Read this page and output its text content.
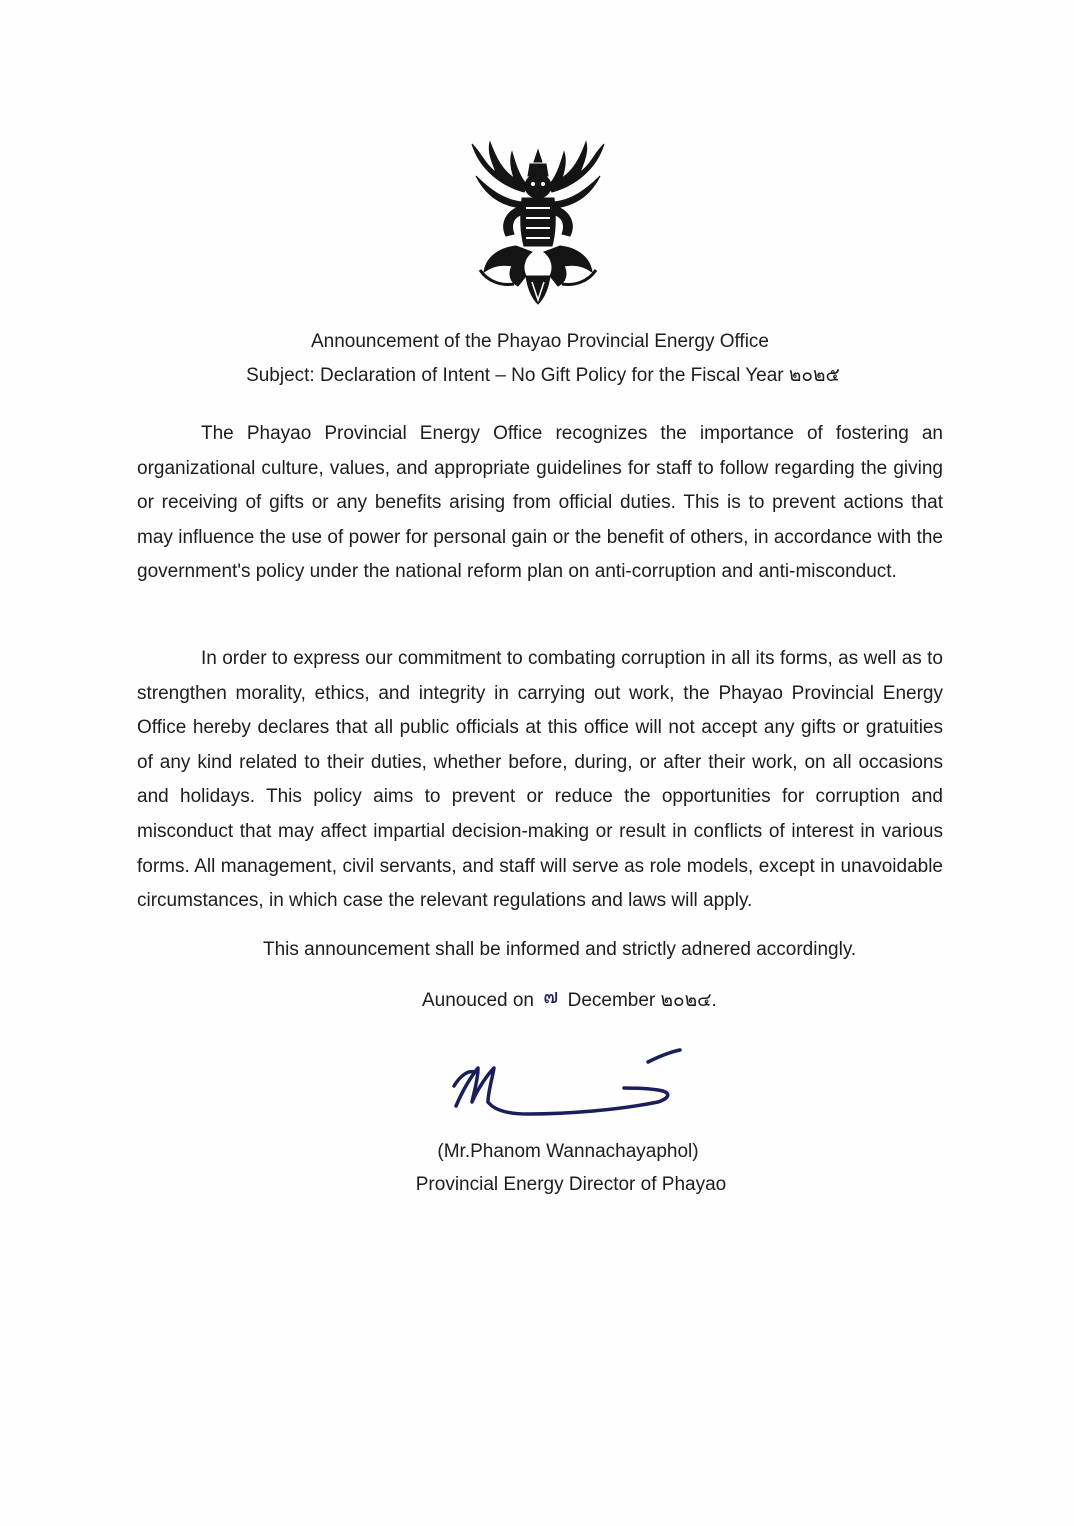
Announcement of the Phayao Provincial Energy Office
Subject: Declaration of Intent – No Gift Policy for the Fiscal Year ๒๐๒๕

The Phayao Provincial Energy Office recognizes the importance of fostering an organizational culture, values, and appropriate guidelines for staff to follow regarding the giving or receiving of gifts or any benefits arising from official duties. This is to prevent actions that may influence the use of power for personal gain or the benefit of others, in accordance with the government's policy under the national reform plan on anti-corruption and anti-misconduct.

In order to express our commitment to combating corruption in all its forms, as well as to strengthen morality, ethics, and integrity in carrying out work, the Phayao Provincial Energy Office hereby declares that all public officials at this office will not accept any gifts or gratuities of any kind related to their duties, whether before, during, or after their work, on all occasions and holidays. This policy aims to prevent or reduce the opportunities for corruption and misconduct that may affect impartial decision-making or result in conflicts of interest in various forms. All management, civil servants, and staff will serve as role models, except in unavoidable circumstances, in which case the relevant regulations and laws will apply.

This announcement shall be informed and strictly adnered accordingly.
Aunouced on ๗ December ๒๐๒๔.
(Mr.Phanom Wannachayaphol)
Provincial Energy Director of Phayao
